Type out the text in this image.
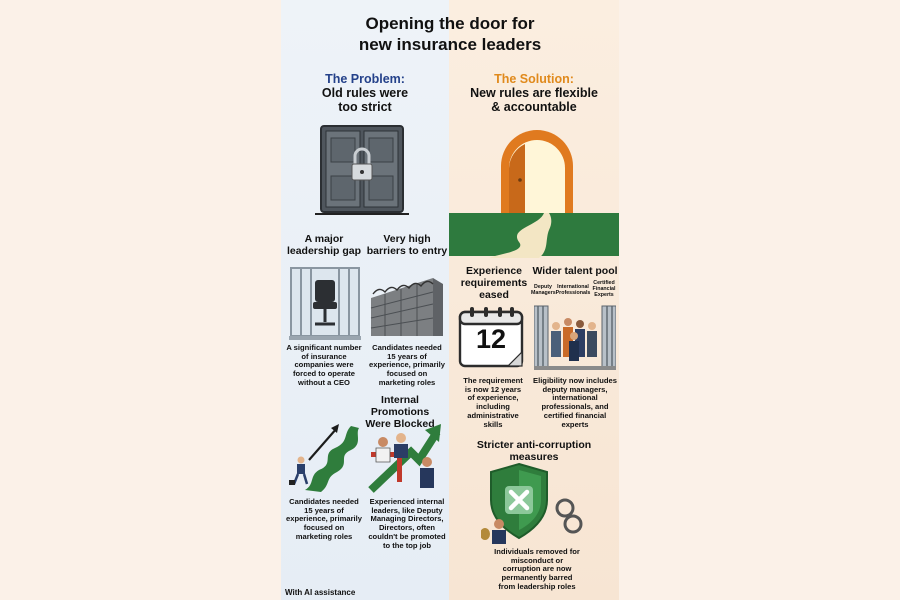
Opening the door for
new insurance leaders
The Problem:
Old rules were
too strict
The Solution:
New rules are flexible
& accountable
A major
leadership gap
Very high
barriers to entry
A significant number
of insurance
companies were
forced to operate
without a CEO
Candidates needed
15 years of
experience, primarily
focused on
marketing roles
Internal Promotions
Were Blocked
Candidates needed
15 years of
experience, primarily
focused on
marketing roles
Experienced internal
leaders, like Deputy
Managing Directors,
Directors, often
couldn't be promoted
to the top job
Experience
requirements
eased
12
The requirement
is now 12 years
of experience,
including
administrative
skills
Wider talent pool
Deputy
Managers
International
Professionals
Certified
Financial
Experts
Eligibility now includes
deputy managers,
international
professionals, and
certified financial
experts
Stricter anti-corruption
measures
Individuals removed for
misconduct or
corruption are now
permanently barred
from leadership roles
With AI assistance
